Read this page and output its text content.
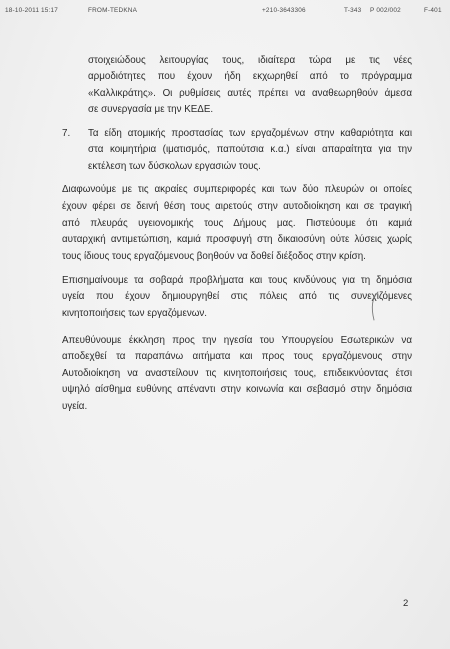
18-10-2011 15:17	FROM-TEDKNA	+210-3643306	T-343 P 002/002	F-401
στοιχειώδους λειτουργίας τους, ιδιαίτερα τώρα με τις νέες
αρμοδιότητες που έχουν ήδη εκχωρηθεί από το πρόγραμμα
«Καλλικράτης». Οι ρυθμίσεις αυτές πρέπει να αναθεωρηθούν άμεσα
σε συνεργασία με την ΚΕΔΕ.
7. Τα είδη ατομικής προστασίας των εργαζομένων στην καθαριότητα και
στα κοιμητήρια (ιματισμός, παπούτσια κ.α.) είναι απαραίτητα για την
εκτέλεση των δύσκολων εργασιών τους.
Διαφωνούμε με τις ακραίες συμπεριφορές και των δύο πλευρών οι οποίες
έχουν φέρει σε δεινή θέση τους αιρετούς στην αυτοδιοίκηση και σε τραγική
από πλευράς υγειονομικής τους Δήμους μας. Πιστεύουμε ότι καμιά
αυταρχική αντιμετώπιση, καμιά προσφυγή στη δικαιοσύνη ούτε λύσεις χωρίς
τους ίδιους τους εργαζόμενους βοηθούν να δοθεί διέξοδος στην κρίση.
Επισημαίνουμε τα σοβαρά προβλήματα και τους κινδύνους για τη δημόσια
υγεία που έχουν δημιουργηθεί στις πόλεις από τις συνεχιζόμενες
κινητοποιήσεις των εργαζόμενων.
Απευθύνουμε έκκληση προς την ηγεσία του Υπουργείου Εσωτερικών να
αποδεχθεί τα παραπάνω αιτήματα και προς τους εργαζόμενους στην
Αυτοδιοίκηση να αναστείλουν τις κινητοποιήσεις τους, επιδεικνύοντας έτσι
υψηλό αίσθημα ευθύνης απέναντι στην κοινωνία και σεβασμό στην δημόσια
υγεία.
2
